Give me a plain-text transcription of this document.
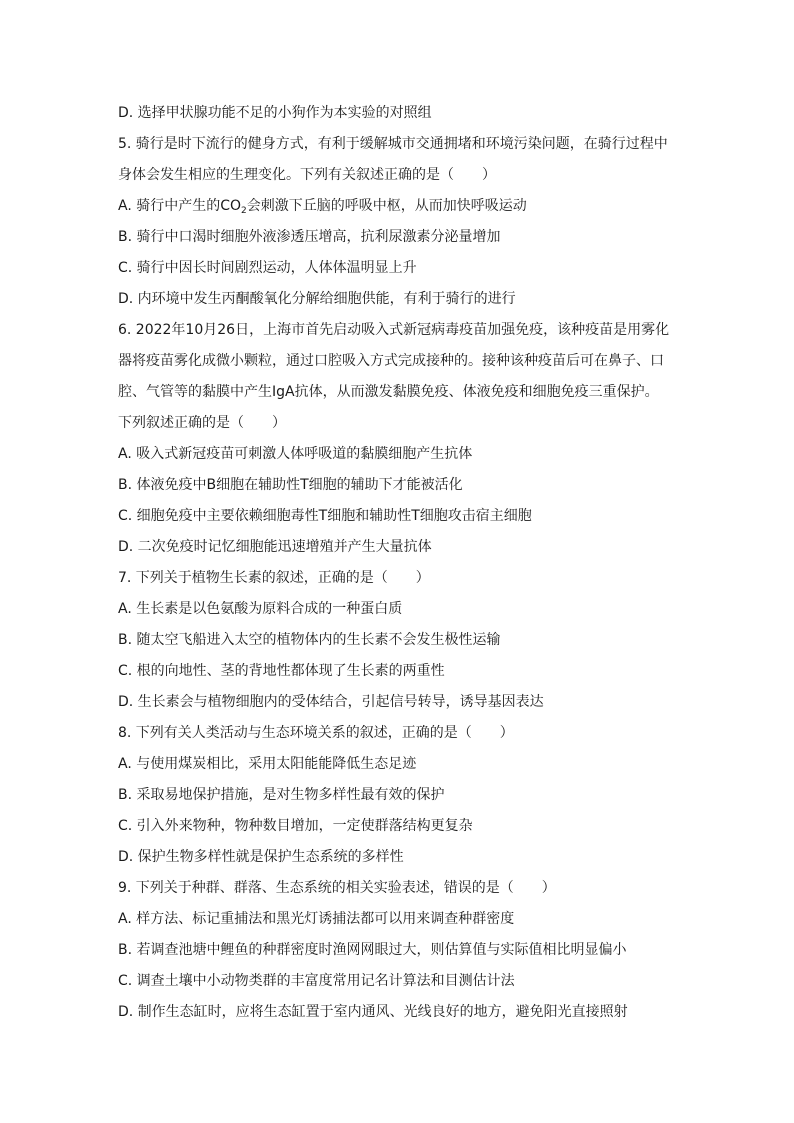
D. 选择甲状腺功能不足的小狗作为本实验的对照组
5. 骑行是时下流行的健身方式，有利于缓解城市交通拥堵和环境污染问题，在骑行过程中
身体会发生相应的生理变化。下列有关叙述正确的是（　　）
A. 骑行中产生的$CO_2$会刺激下丘脑的呼吸中枢，从而加快呼吸运动
B. 骑行中口渴时细胞外液渗透压增高，抗利尿激素分泌量增加
C. 骑行中因长时间剧烈运动，人体体温明显上升
D. 内环境中发生丙酮酸氧化分解给细胞供能，有利于骑行的进行
6. 2022年10月26日，上海市首先启动吸入式新冠病毒疫苗加强免疫，该种疫苗是用雾化
器将疫苗雾化成微小颗粒，通过口腔吸入方式完成接种的。接种该种疫苗后可在鼻子、口
腔、气管等的黏膜中产生IgA抗体，从而激发黏膜免疫、体液免疫和细胞免疫三重保护。
下列叙述正确的是（　　）
A. 吸入式新冠疫苗可刺激人体呼吸道的黏膜细胞产生抗体
B. 体液免疫中B细胞在辅助性T细胞的辅助下才能被活化
C. 细胞免疫中主要依赖细胞毒性T细胞和辅助性T细胞攻击宿主细胞
D. 二次免疫时记忆细胞能迅速增殖并产生大量抗体
7. 下列关于植物生长素的叙述，正确的是（　　）
A. 生长素是以色氨酸为原料合成的一种蛋白质
B. 随太空飞船进入太空的植物体内的生长素不会发生极性运输
C. 根的向地性、茎的背地性都体现了生长素的两重性
D. 生长素会与植物细胞内的受体结合，引起信号转导，诱导基因表达
8. 下列有关人类活动与生态环境关系的叙述，正确的是（　　）
A. 与使用煤炭相比，采用太阳能能降低生态足迹
B. 采取易地保护措施，是对生物多样性最有效的保护
C. 引入外来物种，物种数目增加，一定使群落结构更复杂
D. 保护生物多样性就是保护生态系统的多样性
9. 下列关于种群、群落、生态系统的相关实验表述，错误的是（　　）
A. 样方法、标记重捕法和黑光灯诱捕法都可以用来调查种群密度
B. 若调查池塘中鲤鱼的种群密度时渔网网眼过大，则估算值与实际值相比明显偏小
C. 调查土壤中小动物类群的丰富度常用记名计算法和目测估计法
D. 制作生态缸时，应将生态缸置于室内通风、光线良好的地方，避免阳光直接照射
